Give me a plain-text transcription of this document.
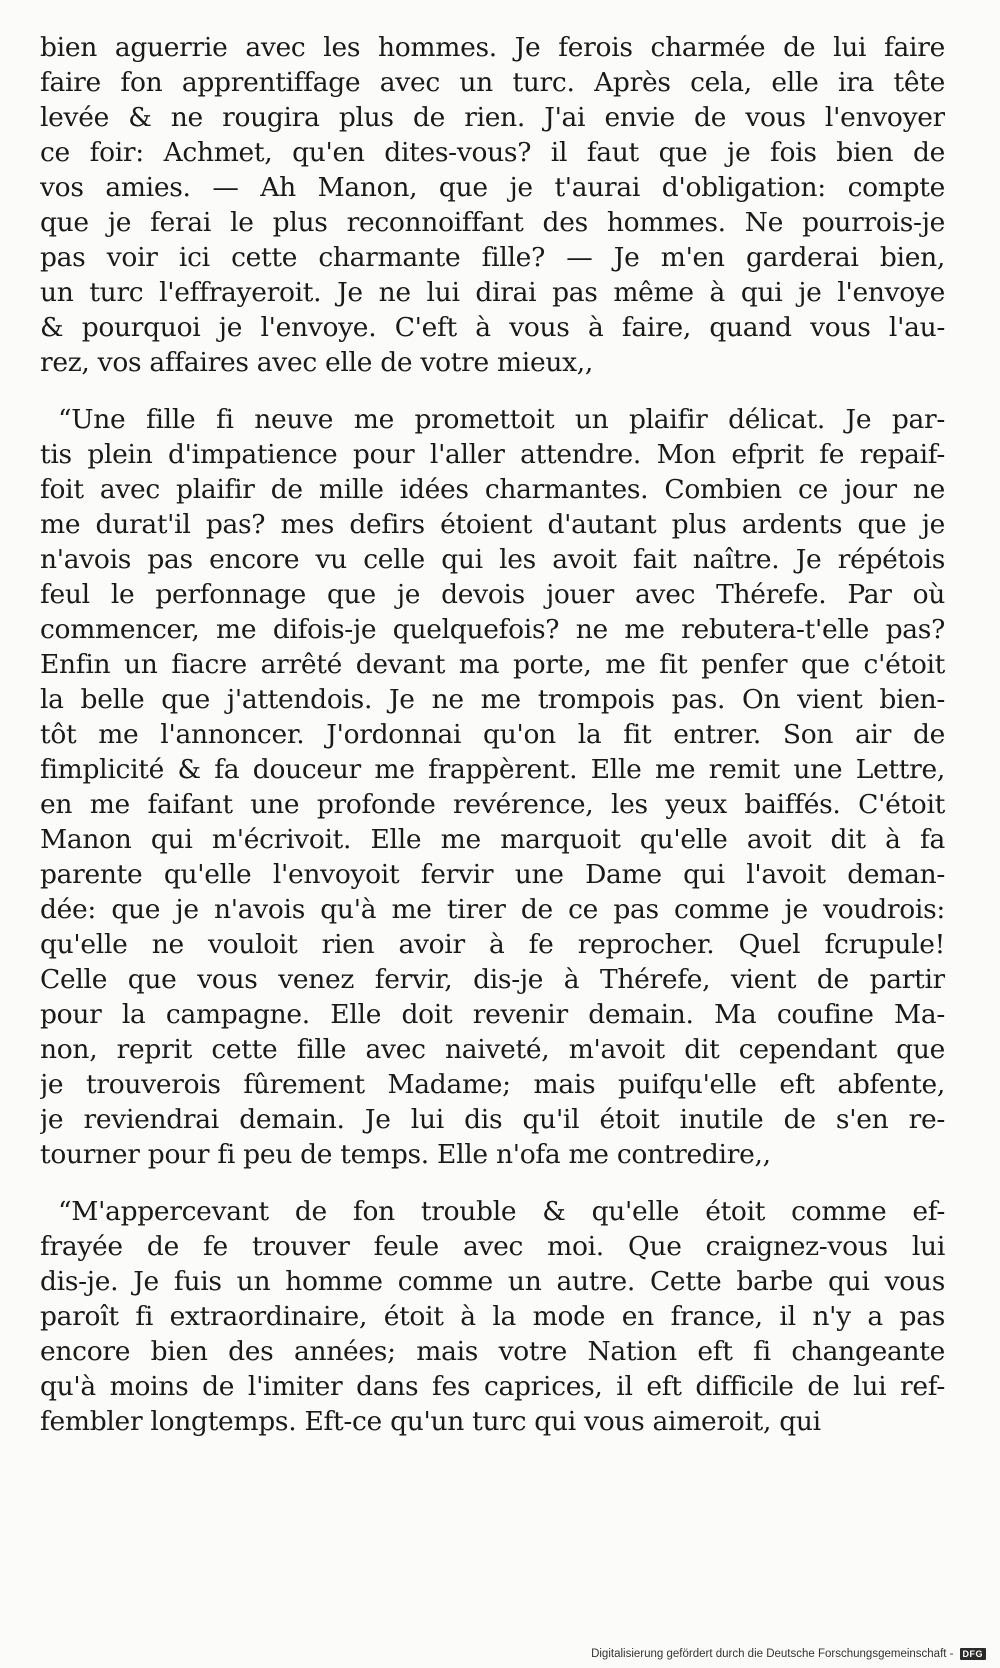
bien aguerrie avec les hommes. Je ferois charmée de lui faire
faire fon apprentiffage avec un turc. Après cela, elle ira tête
levée & ne rougira plus de rien. J'ai envie de vous l'envoyer
ce foir: Achmet, qu'en dites-vous? il faut que je fois bien de
vos amies. — Ah Manon, que je t'aurai d'obligation: compte
que je ferai le plus reconnoiffant des hommes. Ne pourrois-je
pas voir ici cette charmante fille? — Je m'en garderai bien,
un turc l'effrayeroit. Je ne lui dirai pas même à qui je l'envoye
& pourquoi je l'envoye. C'eft à vous à faire, quand vous l'au-
rez, vos affaires avec elle de votre mieux,,
“Une fille fi neuve me promettoit un plaifir délicat. Je par-
tis plein d'impatience pour l'aller attendre. Mon efprit fe repaif-
foit avec plaifir de mille idées charmantes. Combien ce jour ne
me durat'il pas? mes defirs étoient d'autant plus ardents que je
n'avois pas encore vu celle qui les avoit fait naître. Je répétois
feul le perfonnage que je devois jouer avec Thérefe. Par où
commencer, me difois-je quelquefois? ne me rebutera-t'elle pas?
Enfin un fiacre arrêté devant ma porte, me fit penfer que c'étoit
la belle que j'attendois. Je ne me trompois pas. On vient bien-
tôt me l'annoncer. J'ordonnai qu'on la fit entrer. Son air de
fimplicité & fa douceur me frappèrent. Elle me remit une Lettre,
en me faifant une profonde revérence, les yeux baiffés. C'étoit
Manon qui m'écrivoit. Elle me marquoit qu'elle avoit dit à fa
parente qu'elle l'envoyoit fervir une Dame qui l'avoit deman-
dée: que je n'avois qu'à me tirer de ce pas comme je voudrois:
qu'elle ne vouloit rien avoir à fe reprocher. Quel fcrupule!
Celle que vous venez fervir, dis-je à Thérefe, vient de partir
pour la campagne. Elle doit revenir demain. Ma coufine Ma-
non, reprit cette fille avec naiveté, m'avoit dit cependant que
je trouverois fûrement Madame; mais puifqu'elle eft abfente,
je reviendrai demain. Je lui dis qu'il étoit inutile de s'en re-
tourner pour fi peu de temps. Elle n'ofa me contredire,,
“M'appercevant de fon trouble & qu'elle étoit comme ef-
frayée de fe trouver feule avec moi. Que craignez-vous lui
dis-je. Je fuis un homme comme un autre. Cette barbe qui vous
paroît fi extraordinaire, étoit à la mode en france, il n'y a pas
encore bien des années; mais votre Nation eft fi changeante
qu'à moins de l'imiter dans fes caprices, il eft difficile de lui ref-
fembler longtemps. Eft-ce qu'un turc qui vous aimeroit, qui
Digitalisierung gefördert durch die Deutsche Forschungsgemeinschaft -	DFG
